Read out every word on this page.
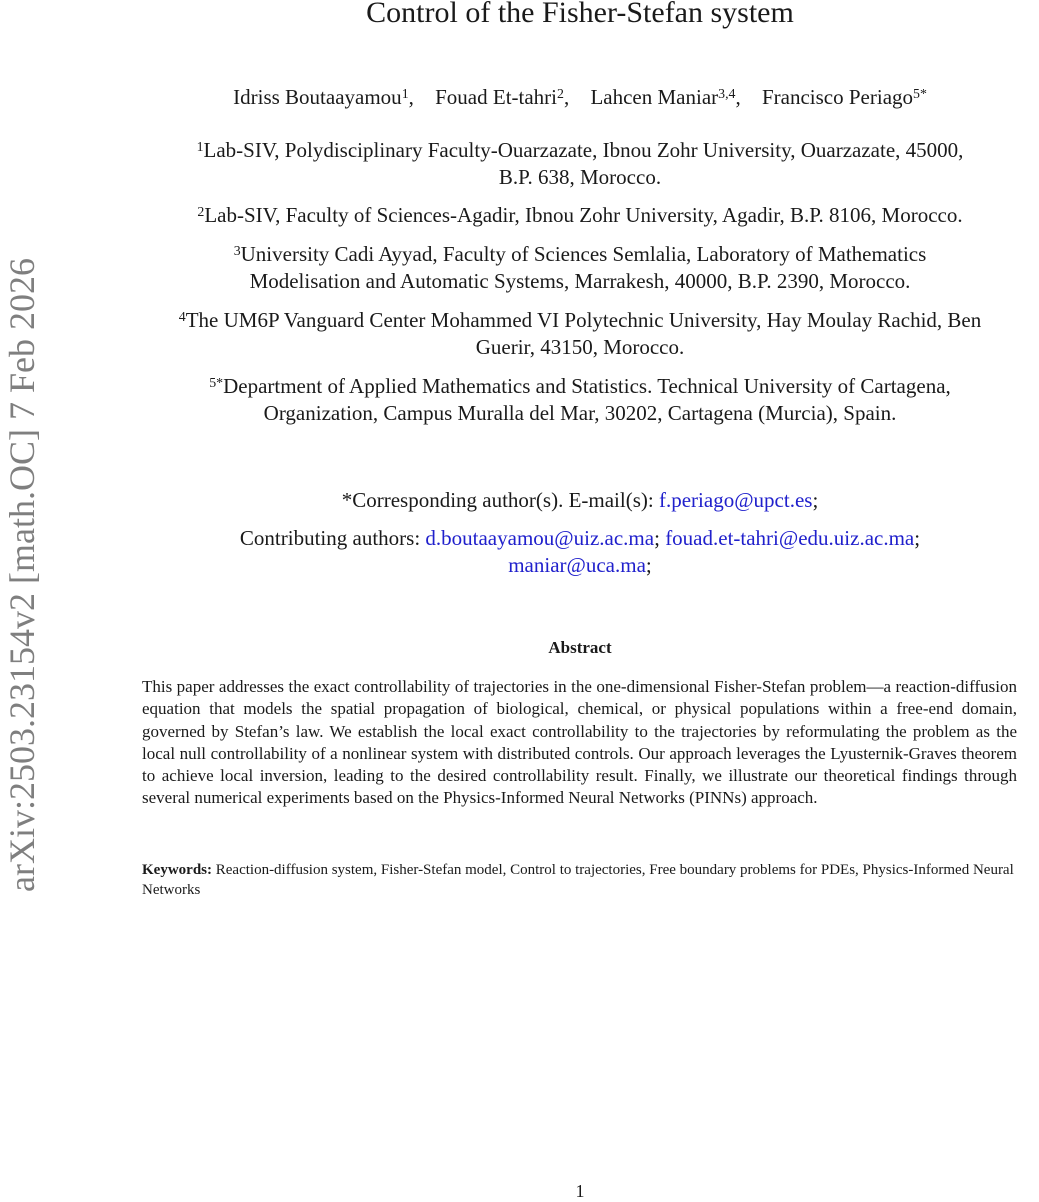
arXiv:2503.23154v2 [math.OC] 7 Feb 2026
Control of the Fisher-Stefan system
Idriss Boutaayamou$^1$, Fouad Et-tahri$^2$, Lahcen Maniar$^{3,4}$, Francisco Periago$^{5*}$
$^1$Lab-SIV, Polydisciplinary Faculty-Ouarzazate, Ibnou Zohr University, Ouarzazate, 45000,
B.P. 638, Morocco.
$^2$Lab-SIV, Faculty of Sciences-Agadir, Ibnou Zohr University, Agadir, B.P. 8106, Morocco.
$^3$University Cadi Ayyad, Faculty of Sciences Semlalia, Laboratory of Mathematics
Modelisation and Automatic Systems, Marrakesh, 40000, B.P. 2390, Morocco.
$^4$The UM6P Vanguard Center Mohammed VI Polytechnic University, Hay Moulay Rachid, Ben
Guerir, 43150, Morocco.
$^{5*}$Department of Applied Mathematics and Statistics. Technical University of Cartagena,
Organization, Campus Muralla del Mar, 30202, Cartagena (Murcia), Spain.
*Corresponding author(s). E-mail(s): f.periago@upct.es;
Contributing authors: d.boutaayamou@uiz.ac.ma; fouad.et-tahri@edu.uiz.ac.ma;
maniar@uca.ma;
Abstract
This paper addresses the exact controllability of trajectories in the one-dimensional Fisher-Stefan problem—a reaction-diffusion equation that models the spatial propagation of biological, chemical, or physical populations within a free-end domain, governed by Stefan’s law. We establish the local exact controllability to the trajectories by reformulating the problem as the local null controllability of a nonlinear system with distributed controls. Our approach leverages the Lyusternik-Graves theorem to achieve local inversion, leading to the desired controllability result. Finally, we illustrate our theoretical findings through several numerical experiments based on the Physics-Informed Neural Networks (PINNs) approach.
Keywords: Reaction-diffusion system, Fisher-Stefan model, Control to trajectories, Free boundary problems for PDEs, Physics-Informed Neural Networks
1
